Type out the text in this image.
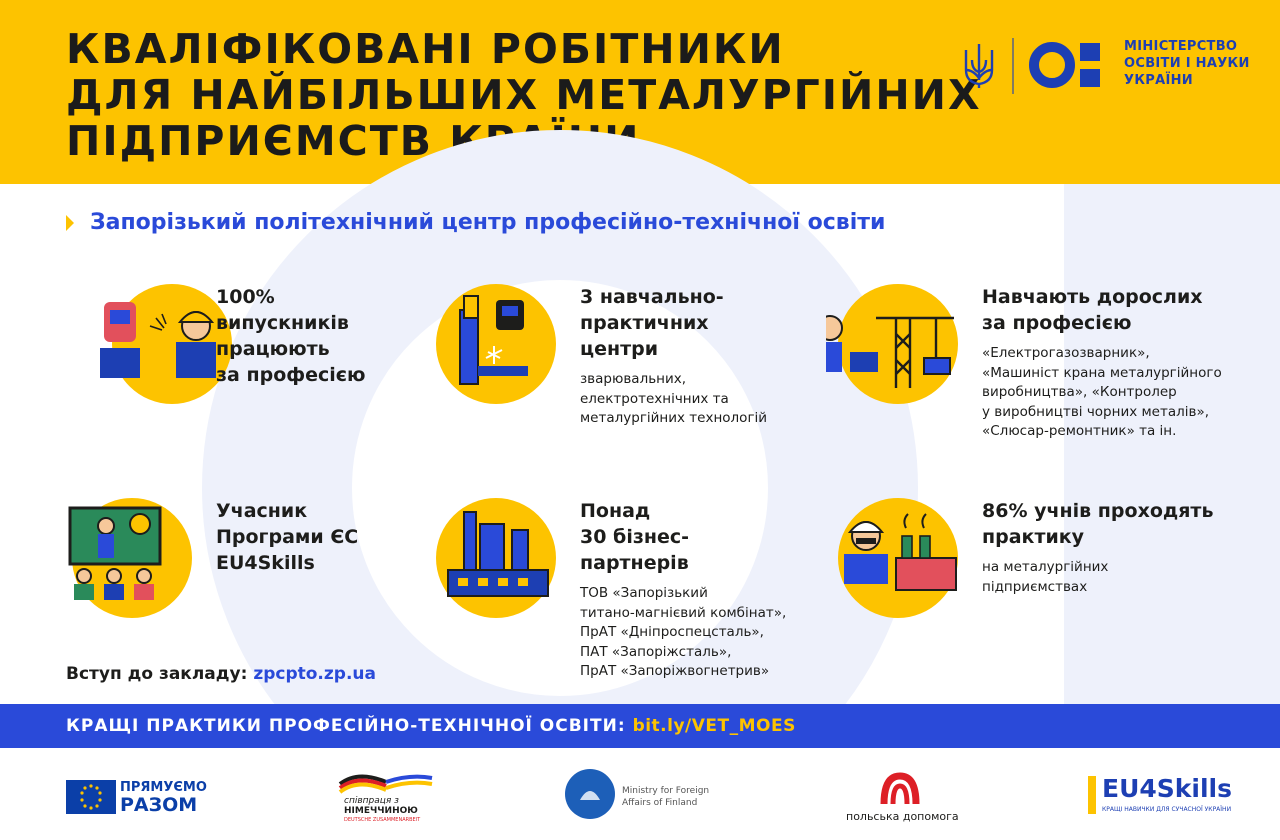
КВАЛІФІКОВАНІ РОБІТНИКИ
ДЛЯ НАЙБІЛЬШИХ МЕТАЛУРГІЙНИХ
ПІДПРИЄМСТВ КРАЇНИ
МІНІСТЕРСТВО
ОСВІТИ І НАУКИ
УКРАЇНИ
Запорізький політехнічний центр професійно-технічної освіти
100%
випускників
працюють
за професією
3 навчально-
практичних
центри
зварювальних,
електротехнічних та
металургійних технологій
Навчають дорослих
за професією
«Електрогазозварник»,
«Машиніст крана металургійного
виробництва», «Контролер
у виробництві чорних металів»,
«Слюсар-ремонтник» та ін.
Учасник
Програми ЄС
EU4Skills
Понад
30 бізнес-
партнерів
ТОВ «Запорізький
титано-магнієвий комбінат»,
ПрАТ «Дніпроспецсталь»,
ПАТ «Запоріжсталь»,
ПрАТ «Запоріжвогнетрив»
86% учнів проходять
практику
на металургійних
підприємствах
Вступ до закладу: zpcpto.zp.ua
КРАЩІ ПРАКТИКИ ПРОФЕСІЙНО-ТЕХНІЧНОЇ ОСВІТИ: bit.ly/VET_MOES
ПРЯМУЄМО
РАЗОМ	співпраця з
НІМЕЧЧИНОЮ
DEUTSCHE ZUSAMMENARBEIT
Ministry for Foreign
Affairs of Finland
польська допомога
EU4Skills
КРАЩІ НАВИЧКИ ДЛЯ СУЧАСНОЇ УКРАЇНИ
